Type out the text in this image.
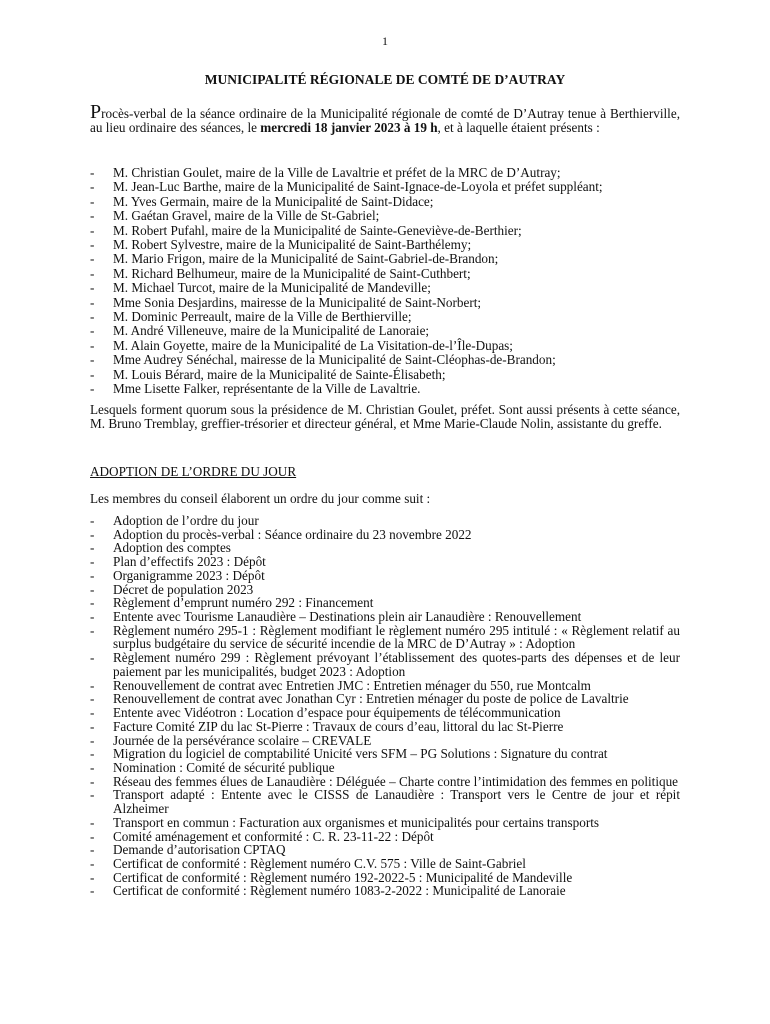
1
MUNICIPALITÉ RÉGIONALE DE COMTÉ DE D’AUTRAY

Procès-verbal de la séance ordinaire de la Municipalité régionale de comté de D’Autray tenue à Berthierville, au lieu ordinaire des séances, le mercredi 18 janvier 2023 à 19 h, et à laquelle étaient présents :

- M. Christian Goulet, maire de la Ville de Lavaltrie et préfet de la MRC de D’Autray;
- M. Jean-Luc Barthe, maire de la Municipalité de Saint-Ignace-de-Loyola et préfet suppléant;
- M. Yves Germain, maire de la Municipalité de Saint-Didace;
- M. Gaétan Gravel, maire de la Ville de St-Gabriel;
- M. Robert Pufahl, maire de la Municipalité de Sainte-Geneviève-de-Berthier;
- M. Robert Sylvestre, maire de la Municipalité de Saint-Barthélemy;
- M. Mario Frigon, maire de la Municipalité de Saint-Gabriel-de-Brandon;
- M. Richard Belhumeur, maire de la Municipalité de Saint-Cuthbert;
- M. Michael Turcot, maire de la Municipalité de Mandeville;
- Mme Sonia Desjardins, mairesse de la Municipalité de Saint-Norbert;
- M. Dominic Perreault, maire de la Ville de Berthierville;
- M. André Villeneuve, maire de la Municipalité de Lanoraie;
- M. Alain Goyette, maire de la Municipalité de La Visitation-de-l’Île-Dupas;
- Mme Audrey Sénéchal, mairesse de la Municipalité de Saint-Cléophas-de-Brandon;
- M. Louis Bérard, maire de la Municipalité de Sainte-Élisabeth;
- Mme Lisette Falker, représentante de la Ville de Lavaltrie.

Lesquels forment quorum sous la présidence de M. Christian Goulet, préfet. Sont aussi présents à cette séance, M. Bruno Tremblay, greffier-trésorier et directeur général, et Mme Marie-Claude Nolin, assistante du greffe.

ADOPTION DE L’ORDRE DU JOUR
Les membres du conseil élaborent un ordre du jour comme suit :
- Adoption de l’ordre du jour
- Adoption du procès-verbal : Séance ordinaire du 23 novembre 2022
- Adoption des comptes
- Plan d’effectifs 2023 : Dépôt
- Organigramme 2023 : Dépôt
- Décret de population 2023
- Règlement d’emprunt numéro 292 : Financement
- Entente avec Tourisme Lanaudière – Destinations plein air Lanaudière : Renouvellement
- Règlement numéro 295-1 : Règlement modifiant le règlement numéro 295 intitulé : « Règlement relatif au surplus budgétaire du service de sécurité incendie de la MRC de D’Autray » : Adoption
- Règlement numéro 299 : Règlement prévoyant l’établissement des quotes-parts des dépenses et de leur paiement par les municipalités, budget 2023 : Adoption
- Renouvellement de contrat avec Entretien JMC : Entretien ménager du 550, rue Montcalm
- Renouvellement de contrat avec Jonathan Cyr : Entretien ménager du poste de police de Lavaltrie
- Entente avec Vidéotron : Location d’espace pour équipements de télécommunication
- Facture Comité ZIP du lac St-Pierre : Travaux de cours d’eau, littoral du lac St-Pierre
- Journée de la persévérance scolaire – CREVALE
- Migration du logiciel de comptabilité Unicité vers SFM – PG Solutions : Signature du contrat
- Nomination : Comité de sécurité publique
- Réseau des femmes élues de Lanaudière : Déléguée – Charte contre l’intimidation des femmes en politique
- Transport adapté : Entente avec le CISSS de Lanaudière : Transport vers le Centre de jour et répit Alzheimer
- Transport en commun : Facturation aux organismes et municipalités pour certains transports
- Comité aménagement et conformité : C. R. 23-11-22 : Dépôt
- Demande d’autorisation CPTAQ
- Certificat de conformité : Règlement numéro C.V. 575 : Ville de Saint-Gabriel
- Certificat de conformité : Règlement numéro 192-2022-5 : Municipalité de Mandeville
- Certificat de conformité : Règlement numéro 1083-2-2022 : Municipalité de Lanoraie
